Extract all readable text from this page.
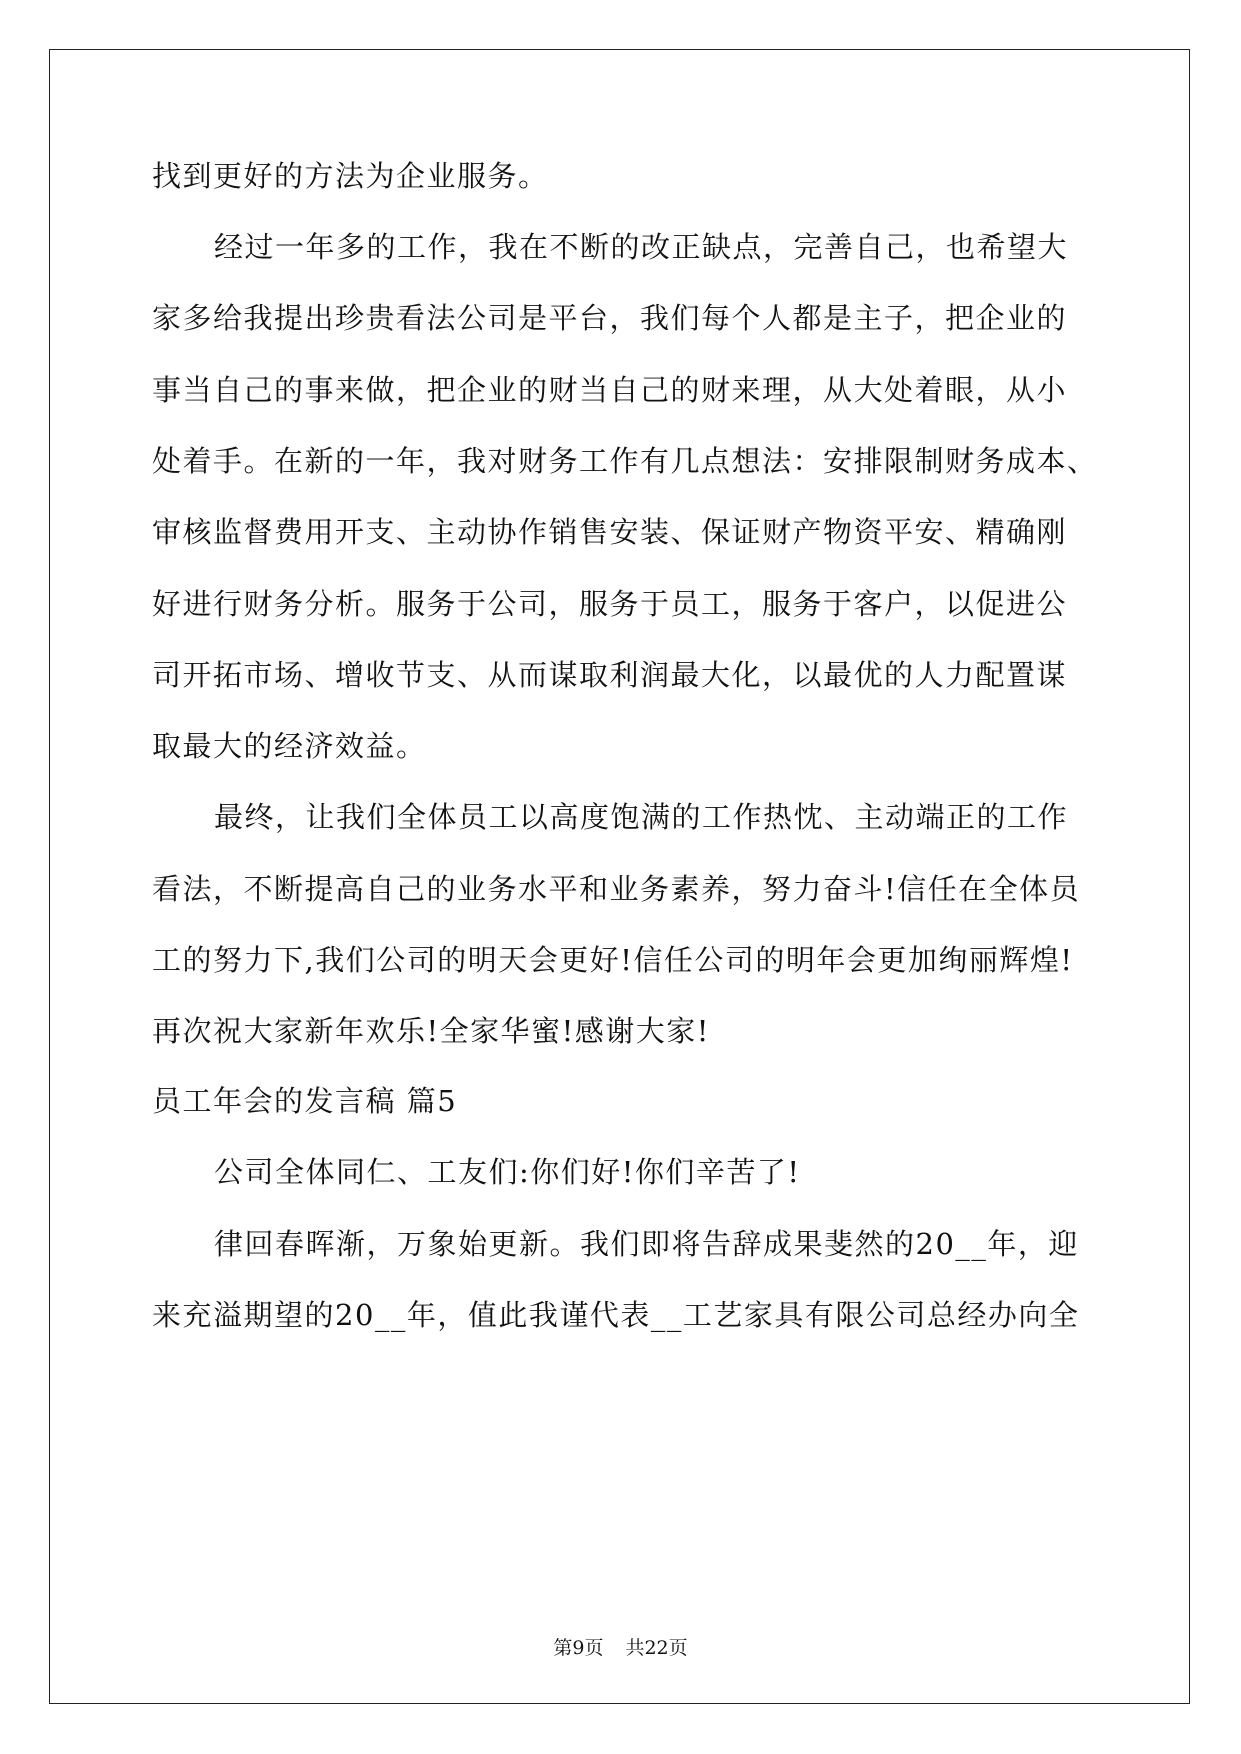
找到更好的方法为企业服务。
经过一年多的工作，我在不断的改正缺点，完善自己，也希望大
家多给我提出珍贵看法公司是平台，我们每个人都是主子，把企业的
事当自己的事来做，把企业的财当自己的财来理，从大处着眼，从小
处着手。在新的一年，我对财务工作有几点想法：安排限制财务成本、
审核监督费用开支、主动协作销售安装、保证财产物资平安、精确刚
好进行财务分析。服务于公司，服务于员工，服务于客户，以促进公
司开拓市场、增收节支、从而谋取利润最大化，以最优的人力配置谋
取最大的经济效益。
最终，让我们全体员工以高度饱满的工作热忱、主动端正的工作
看法，不断提高自己的业务水平和业务素养，努力奋斗!信任在全体员
工的努力下,我们公司的明天会更好!信任公司的明年会更加绚丽辉煌!
再次祝大家新年欢乐!全家华蜜!感谢大家!
员工年会的发言稿 篇5
公司全体同仁、工友们:你们好!你们辛苦了!
律回春晖渐，万象始更新。我们即将告辞成果斐然的20__年，迎
来充溢期望的20__年，值此我谨代表__工艺家具有限公司总经办向全
第9页 共22页
